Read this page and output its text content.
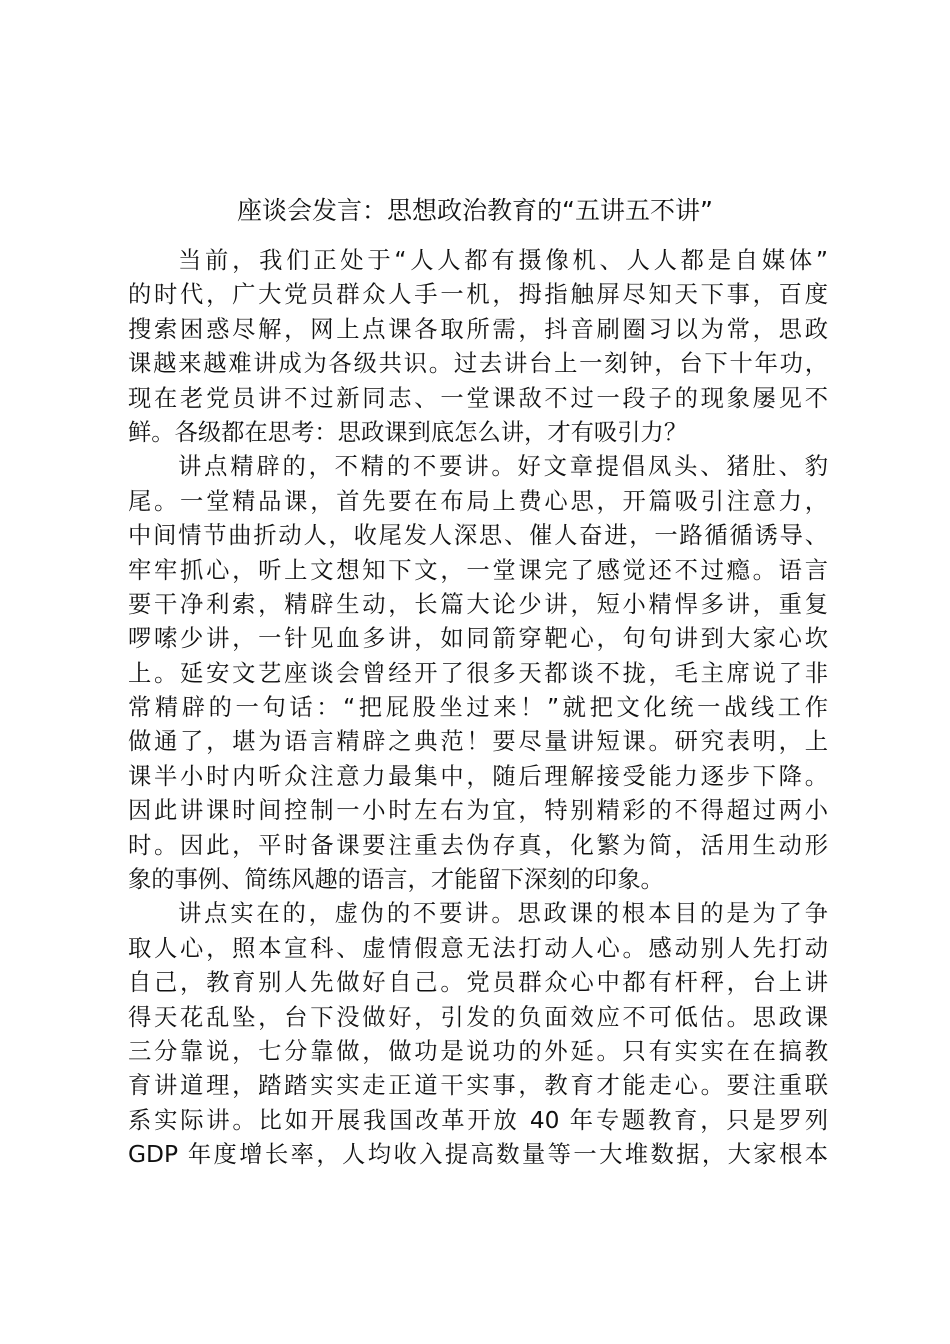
座谈会发言：思想政治教育的“五讲五不讲”

当前，我们正处于“人人都有摄像机、人人都是自媒体”
的时代，广大党员群众人手一机，拇指触屏尽知天下事，百度
搜索困惑尽解，网上点课各取所需，抖音刷圈习以为常，思政
课越来越难讲成为各级共识。过去讲台上一刻钟，台下十年功，
现在老党员讲不过新同志、一堂课敌不过一段子的现象屡见不
鲜。各级都在思考：思政课到底怎么讲，才有吸引力？

讲点精辟的，不精的不要讲。好文章提倡凤头、猪肚、豹
尾。一堂精品课，首先要在布局上费心思，开篇吸引注意力，
中间情节曲折动人，收尾发人深思、催人奋进，一路循循诱导、
牢牢抓心，听上文想知下文，一堂课完了感觉还不过瘾。语言
要干净利索，精辟生动，长篇大论少讲，短小精悍多讲，重复
啰嗦少讲，一针见血多讲，如同箭穿靶心，句句讲到大家心坎
上。延安文艺座谈会曾经开了很多天都谈不拢，毛主席说了非
常精辟的一句话：“把屁股坐过来！”就把文化统一战线工作
做通了，堪为语言精辟之典范！要尽量讲短课。研究表明，上
课半小时内听众注意力最集中，随后理解接受能力逐步下降。
因此讲课时间控制一小时左右为宜，特别精彩的不得超过两小
时。因此，平时备课要注重去伪存真，化繁为简，活用生动形
象的事例、简练风趣的语言，才能留下深刻的印象。

讲点实在的，虚伪的不要讲。思政课的根本目的是为了争
取人心，照本宣科、虚情假意无法打动人心。感动别人先打动
自己，教育别人先做好自己。党员群众心中都有杆秤，台上讲
得天花乱坠，台下没做好，引发的负面效应不可低估。思政课
三分靠说，七分靠做，做功是说功的外延。只有实实在在搞教
育讲道理，踏踏实实走正道干实事，教育才能走心。要注重联
系实际讲。比如开展我国改革开放 40 年专题教育，只是罗列
GDP 年度增长率，人均收入提高数量等一大堆数据，大家根本
